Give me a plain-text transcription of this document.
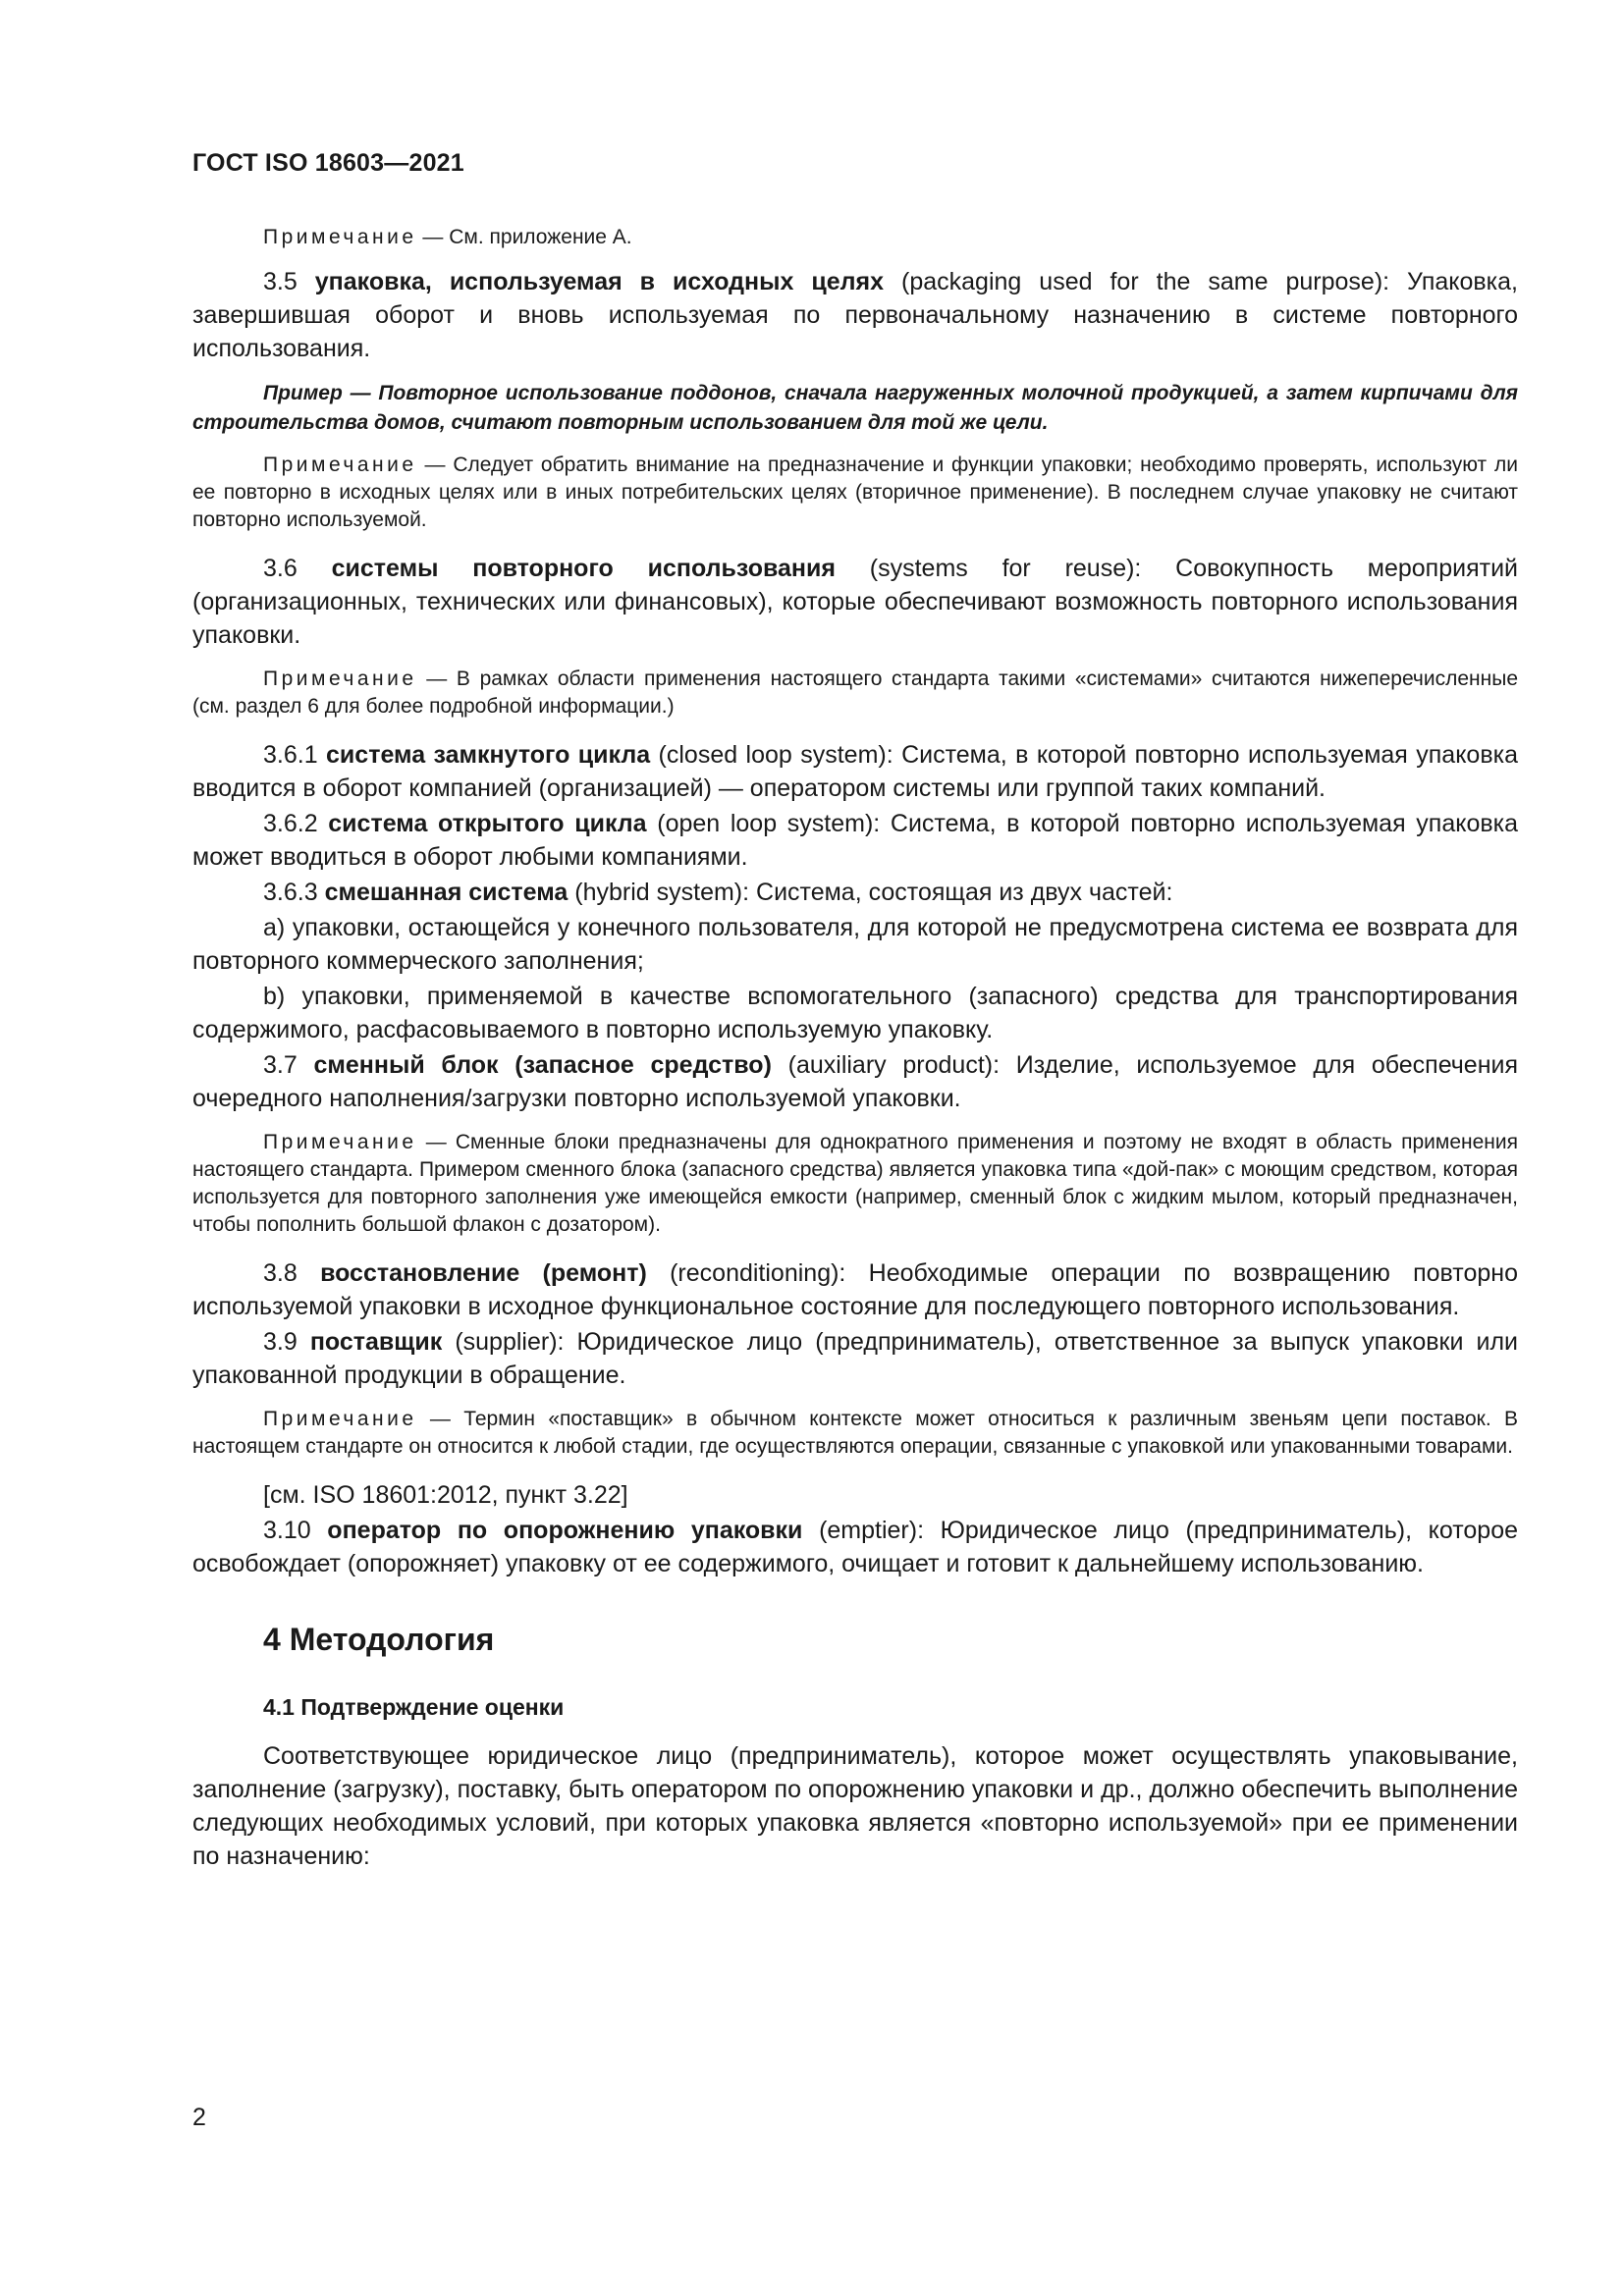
ГОСТ ISO 18603—2021

Примечание — См. приложение А.

3.5 упаковка, используемая в исходных целях (packaging used for the same purpose): Упаковка, завершившая оборот и вновь используемая по первоначальному назначению в системе повторного использования.

Пример — Повторное использование поддонов, сначала нагруженных молочной продукцией, а затем кирпичами для строительства домов, считают повторным использованием для той же цели.

Примечание — Следует обратить внимание на предназначение и функции упаковки; необходимо проверять, используют ли ее повторно в исходных целях или в иных потребительских целях (вторичное применение). В последнем случае упаковку не считают повторно используемой.

3.6 системы повторного использования (systems for reuse): Совокупность мероприятий (организационных, технических или финансовых), которые обеспечивают возможность повторного использования упаковки.

Примечание — В рамках области применения настоящего стандарта такими «системами» считаются нижеперечисленные (см. раздел 6 для более подробной информации.)

3.6.1 система замкнутого цикла (closed loop system): Система, в которой повторно используемая упаковка вводится в оборот компанией (организацией) — оператором системы или группой таких компаний.

3.6.2 система открытого цикла (open loop system): Система, в которой повторно используемая упаковка может вводиться в оборот любыми компаниями.

3.6.3 смешанная система (hybrid system): Система, состоящая из двух частей:

а) упаковки, остающейся у конечного пользователя, для которой не предусмотрена система ее возврата для повторного коммерческого заполнения;

b) упаковки, применяемой в качестве вспомогательного (запасного) средства для транспортирования содержимого, расфасовываемого в повторно используемую упаковку.

3.7 сменный блок (запасное средство) (auxiliary product): Изделие, используемое для обеспечения очередного наполнения/загрузки повторно используемой упаковки.

Примечание — Сменные блоки предназначены для однократного применения и поэтому не входят в область применения настоящего стандарта. Примером сменного блока (запасного средства) является упаковка типа «дой-пак» с моющим средством, которая используется для повторного заполнения уже имеющейся емкости (например, сменный блок с жидким мылом, который предназначен, чтобы пополнить большой флакон с дозатором).

3.8 восстановление (ремонт) (reconditioning): Необходимые операции по возвращению повторно используемой упаковки в исходное функциональное состояние для последующего повторного использования.

3.9 поставщик (supplier): Юридическое лицо (предприниматель), ответственное за выпуск упаковки или упакованной продукции в обращение.

Примечание — Термин «поставщик» в обычном контексте может относиться к различным звеньям цепи поставок. В настоящем стандарте он относится к любой стадии, где осуществляются операции, связанные с упаковкой или упакованными товарами.

[см. ISO 18601:2012, пункт 3.22]

3.10 оператор по опорожнению упаковки (emptier): Юридическое лицо (предприниматель), которое освобождает (опорожняет) упаковку от ее содержимого, очищает и готовит к дальнейшему использованию.

4 Методология
4.1 Подтверждение оценки

Соответствующее юридическое лицо (предприниматель), которое может осуществлять упаковывание, заполнение (загрузку), поставку, быть оператором по опорожнению упаковки и др., должно обеспечить выполнение следующих необходимых условий, при которых упаковка является «повторно используемой» при ее применении по назначению:

2
